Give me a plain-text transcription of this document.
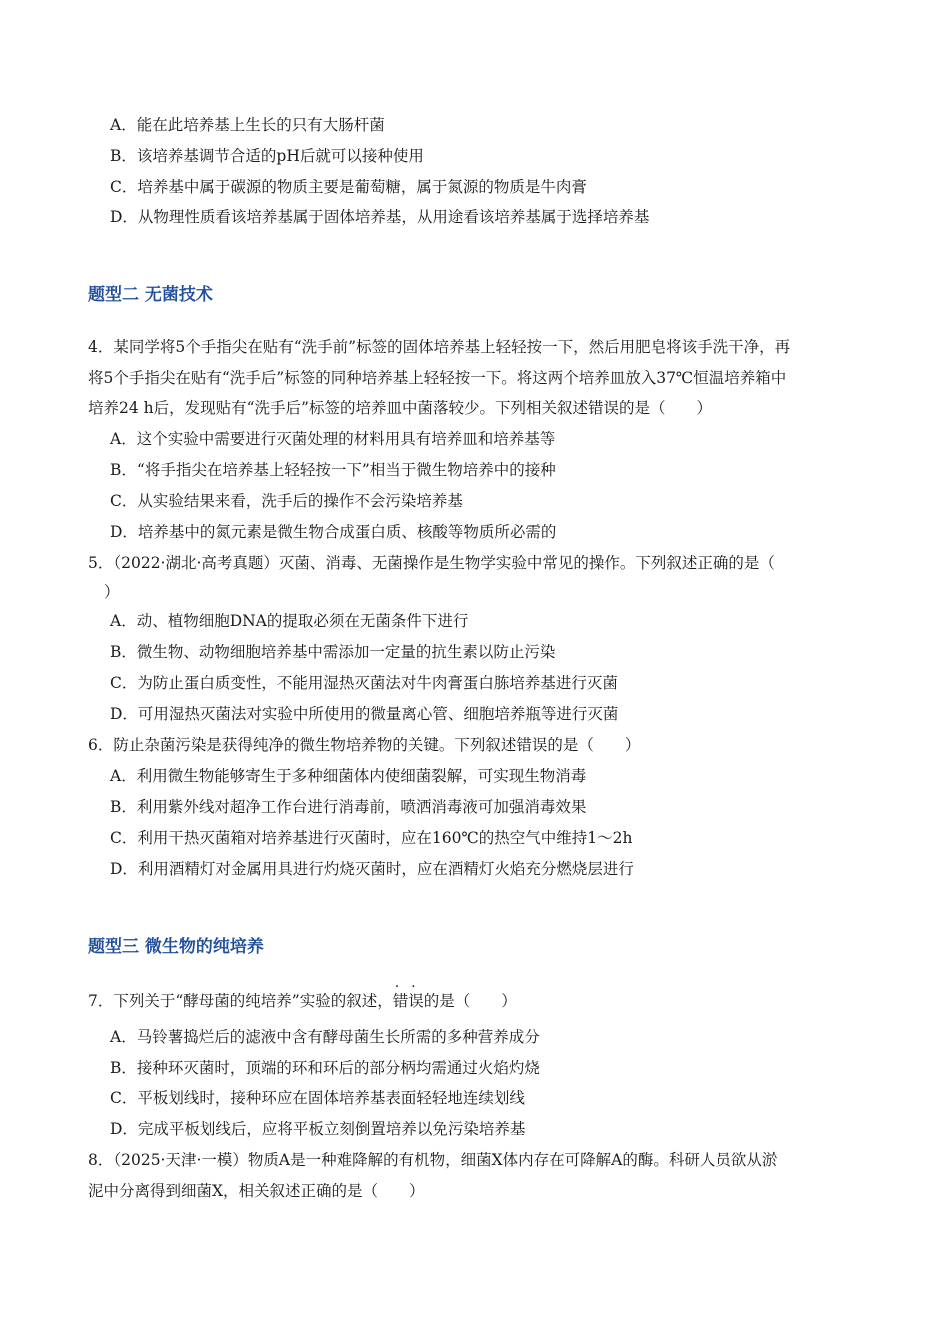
A．能在此培养基上生长的只有大肠杆菌
B．该培养基调节合适的pH后就可以接种使用
C．培养基中属于碳源的物质主要是葡萄糖，属于氮源的物质是牛肉膏
D．从物理性质看该培养基属于固体培养基，从用途看该培养基属于选择培养基
题型二 无菌技术
4．某同学将5个手指尖在贴有“洗手前”标签的固体培养基上轻轻按一下，然后用肥皂将该手洗干净，再
将5个手指尖在贴有“洗手后”标签的同种培养基上轻轻按一下。将这两个培养皿放入37℃恒温培养箱中
培养24 h后，发现贴有“洗手后”标签的培养皿中菌落较少。下列相关叙述错误的是（　　）
A．这个实验中需要进行灭菌处理的材料用具有培养皿和培养基等
B．“将手指尖在培养基上轻轻按一下”相当于微生物培养中的接种
C．从实验结果来看，洗手后的操作不会污染培养基
D．培养基中的氮元素是微生物合成蛋白质、核酸等物质所必需的
5．（2022·湖北·高考真题）灭菌、消毒、无菌操作是生物学实验中常见的操作。下列叙述正确的是（
）
A．动、植物细胞DNA的提取必须在无菌条件下进行
B．微生物、动物细胞培养基中需添加一定量的抗生素以防止污染
C．为防止蛋白质变性，不能用湿热灭菌法对牛肉膏蛋白胨培养基进行灭菌
D．可用湿热灭菌法对实验中所使用的微量离心管、细胞培养瓶等进行灭菌
6．防止杂菌污染是获得纯净的微生物培养物的关键。下列叙述错误的是（　　）
A．利用微生物能够寄生于多种细菌体内使细菌裂解，可实现生物消毒
B．利用紫外线对超净工作台进行消毒前，喷洒消毒液可加强消毒效果
C．利用干热灭菌箱对培养基进行灭菌时，应在160℃的热空气中维持1～2h
D．利用酒精灯对金属用具进行灼烧灭菌时，应在酒精灯火焰充分燃烧层进行
题型三 微生物的纯培养
7．下列关于“酵母菌的纯培养”实验的叙述，· · 错误的是（　　）
A．马铃薯捣烂后的滤液中含有酵母菌生长所需的多种营养成分
B．接种环灭菌时，顶端的环和环后的部分柄均需通过火焰灼烧
C．平板划线时，接种环应在固体培养基表面轻轻地连续划线
D．完成平板划线后，应将平板立刻倒置培养以免污染培养基
8．（2025·天津·一模）物质A是一种难降解的有机物，细菌X体内存在可降解A的酶。科研人员欲从淤
泥中分离得到细菌X，相关叙述正确的是（　　）
